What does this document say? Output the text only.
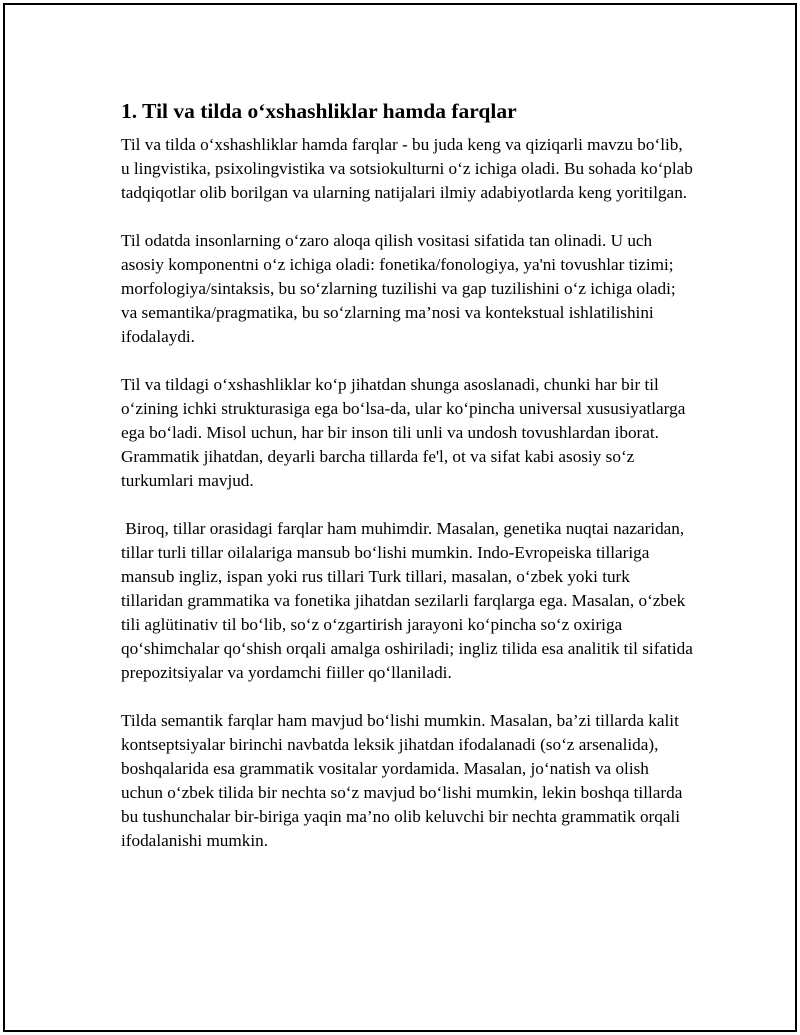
1. Til va tilda o‘xshashliklar hamda farqlar

Til va tilda o‘xshashliklar hamda farqlar - bu juda keng va qiziqarli mavzu bo‘lib, u lingvistika, psixolingvistika va sotsiokulturni o‘z ichiga oladi. Bu sohada ko‘plab tadqiqotlar olib borilgan va ularning natijalari ilmiy adabiyotlarda keng yoritilgan.

Til odatda insonlarning o‘zaro aloqa qilish vositasi sifatida tan olinadi. U uch asosiy komponentni o‘z ichiga oladi: fonetika/fonologiya, ya'ni tovushlar tizimi; morfologiya/sintaksis, bu so‘zlarning tuzilishi va gap tuzilishini o‘z ichiga oladi; va semantika/pragmatika, bu so‘zlarning ma’nosi va kontekstual ishlatilishini ifodalaydi.

Til va tildagi o‘xshashliklar ko‘p jihatdan shunga asoslanadi, chunki har bir til o‘zining ichki strukturasiga ega bo‘lsa-da, ular ko‘pincha universal xususiyatlarga ega bo‘ladi. Misol uchun, har bir inson tili unli va undosh tovushlardan iborat. Grammatik jihatdan, deyarli barcha tillarda fe'l, ot va sifat kabi asosiy so‘z turkumlari mavjud.

Biroq, tillar orasidagi farqlar ham muhimdir. Masalan, genetika nuqtai nazaridan, tillar turli tillar oilalariga mansub bo‘lishi mumkin. Indo-Evropeiska tillariga mansub ingliz, ispan yoki rus tillari Turk tillari, masalan, o‘zbek yoki turk tillaridan grammatika va fonetika jihatdan sezilarli farqlarga ega. Masalan, o‘zbek tili aglütinativ til bo‘lib, so‘z o‘zgartirish jarayoni ko‘pincha so‘z oxiriga qo‘shimchalar qo‘shish orqali amalga oshiriladi; ingliz tilida esa analitik til sifatida prepozitsiyalar va yordamchi fiiller qo‘llaniladi.

Tilda semantik farqlar ham mavjud bo‘lishi mumkin. Masalan, ba’zi tillarda kalit kontseptsiyalar birinchi navbatda leksik jihatdan ifodalanadi (so‘z arsenalida), boshqalarida esa grammatik vositalar yordamida. Masalan, jo‘natish va olish uchun o‘zbek tilida bir nechta so‘z mavjud bo‘lishi mumkin, lekin boshqa tillarda bu tushunchalar bir-biriga yaqin ma’no olib keluvchi bir nechta grammatik orqali ifodalanishi mumkin.
